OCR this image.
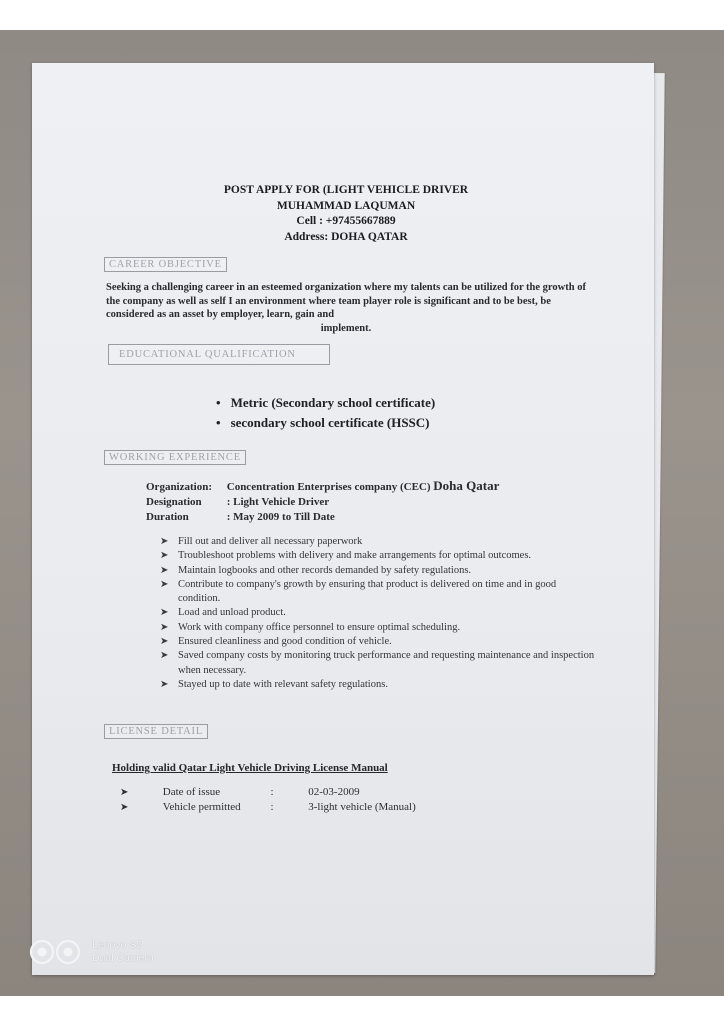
POST APPLY FOR (LIGHT VEHICLE DRIVER
MUHAMMAD LAQUMAN
Cell : +97455667889
Address: DOHA QATAR
CAREER OBJECTIVE
Seeking a challenging career in an esteemed organization where my talents can be utilized for the growth of the company as well as self I an environment where team player role is significant and to be best, be considered as an asset by employer, learn, gain and
implement.
EDUCATIONAL QUALIFICATION
• Metric (Secondary school certificate)
• secondary school certificate (HSSC)
WORKING EXPERIENCE
Organization: Concentration Enterprises company (CEC) Doha Qatar
Designation : Light Vehicle Driver
Duration	: May 2009 to Till Date
➤ Fill out and deliver all necessary paperwork
➤ Troubleshoot problems with delivery and make arrangements for optimal outcomes.
➤ Maintain logbooks and other records demanded by safety regulations.
➤ Contribute to company's growth by ensuring that product is delivered on time and in good condition.
➤ Load and unload product.
➤ Work with company office personnel to ensure optimal scheduling.
➤ Ensured cleanliness and good condition of vehicle.
➤ Saved company costs by monitoring truck performance and requesting maintenance and inspection when necessary.
➤ Stayed up to date with relevant safety regulations.
LICENSE DETAIL
Holding valid Qatar Light Vehicle Driving License Manual
➤	Date of issue	:	02-03-2009
➤	Vehicle permitted	:	3-light vehicle (Manual)
Lenovo S5
Dual Camera
